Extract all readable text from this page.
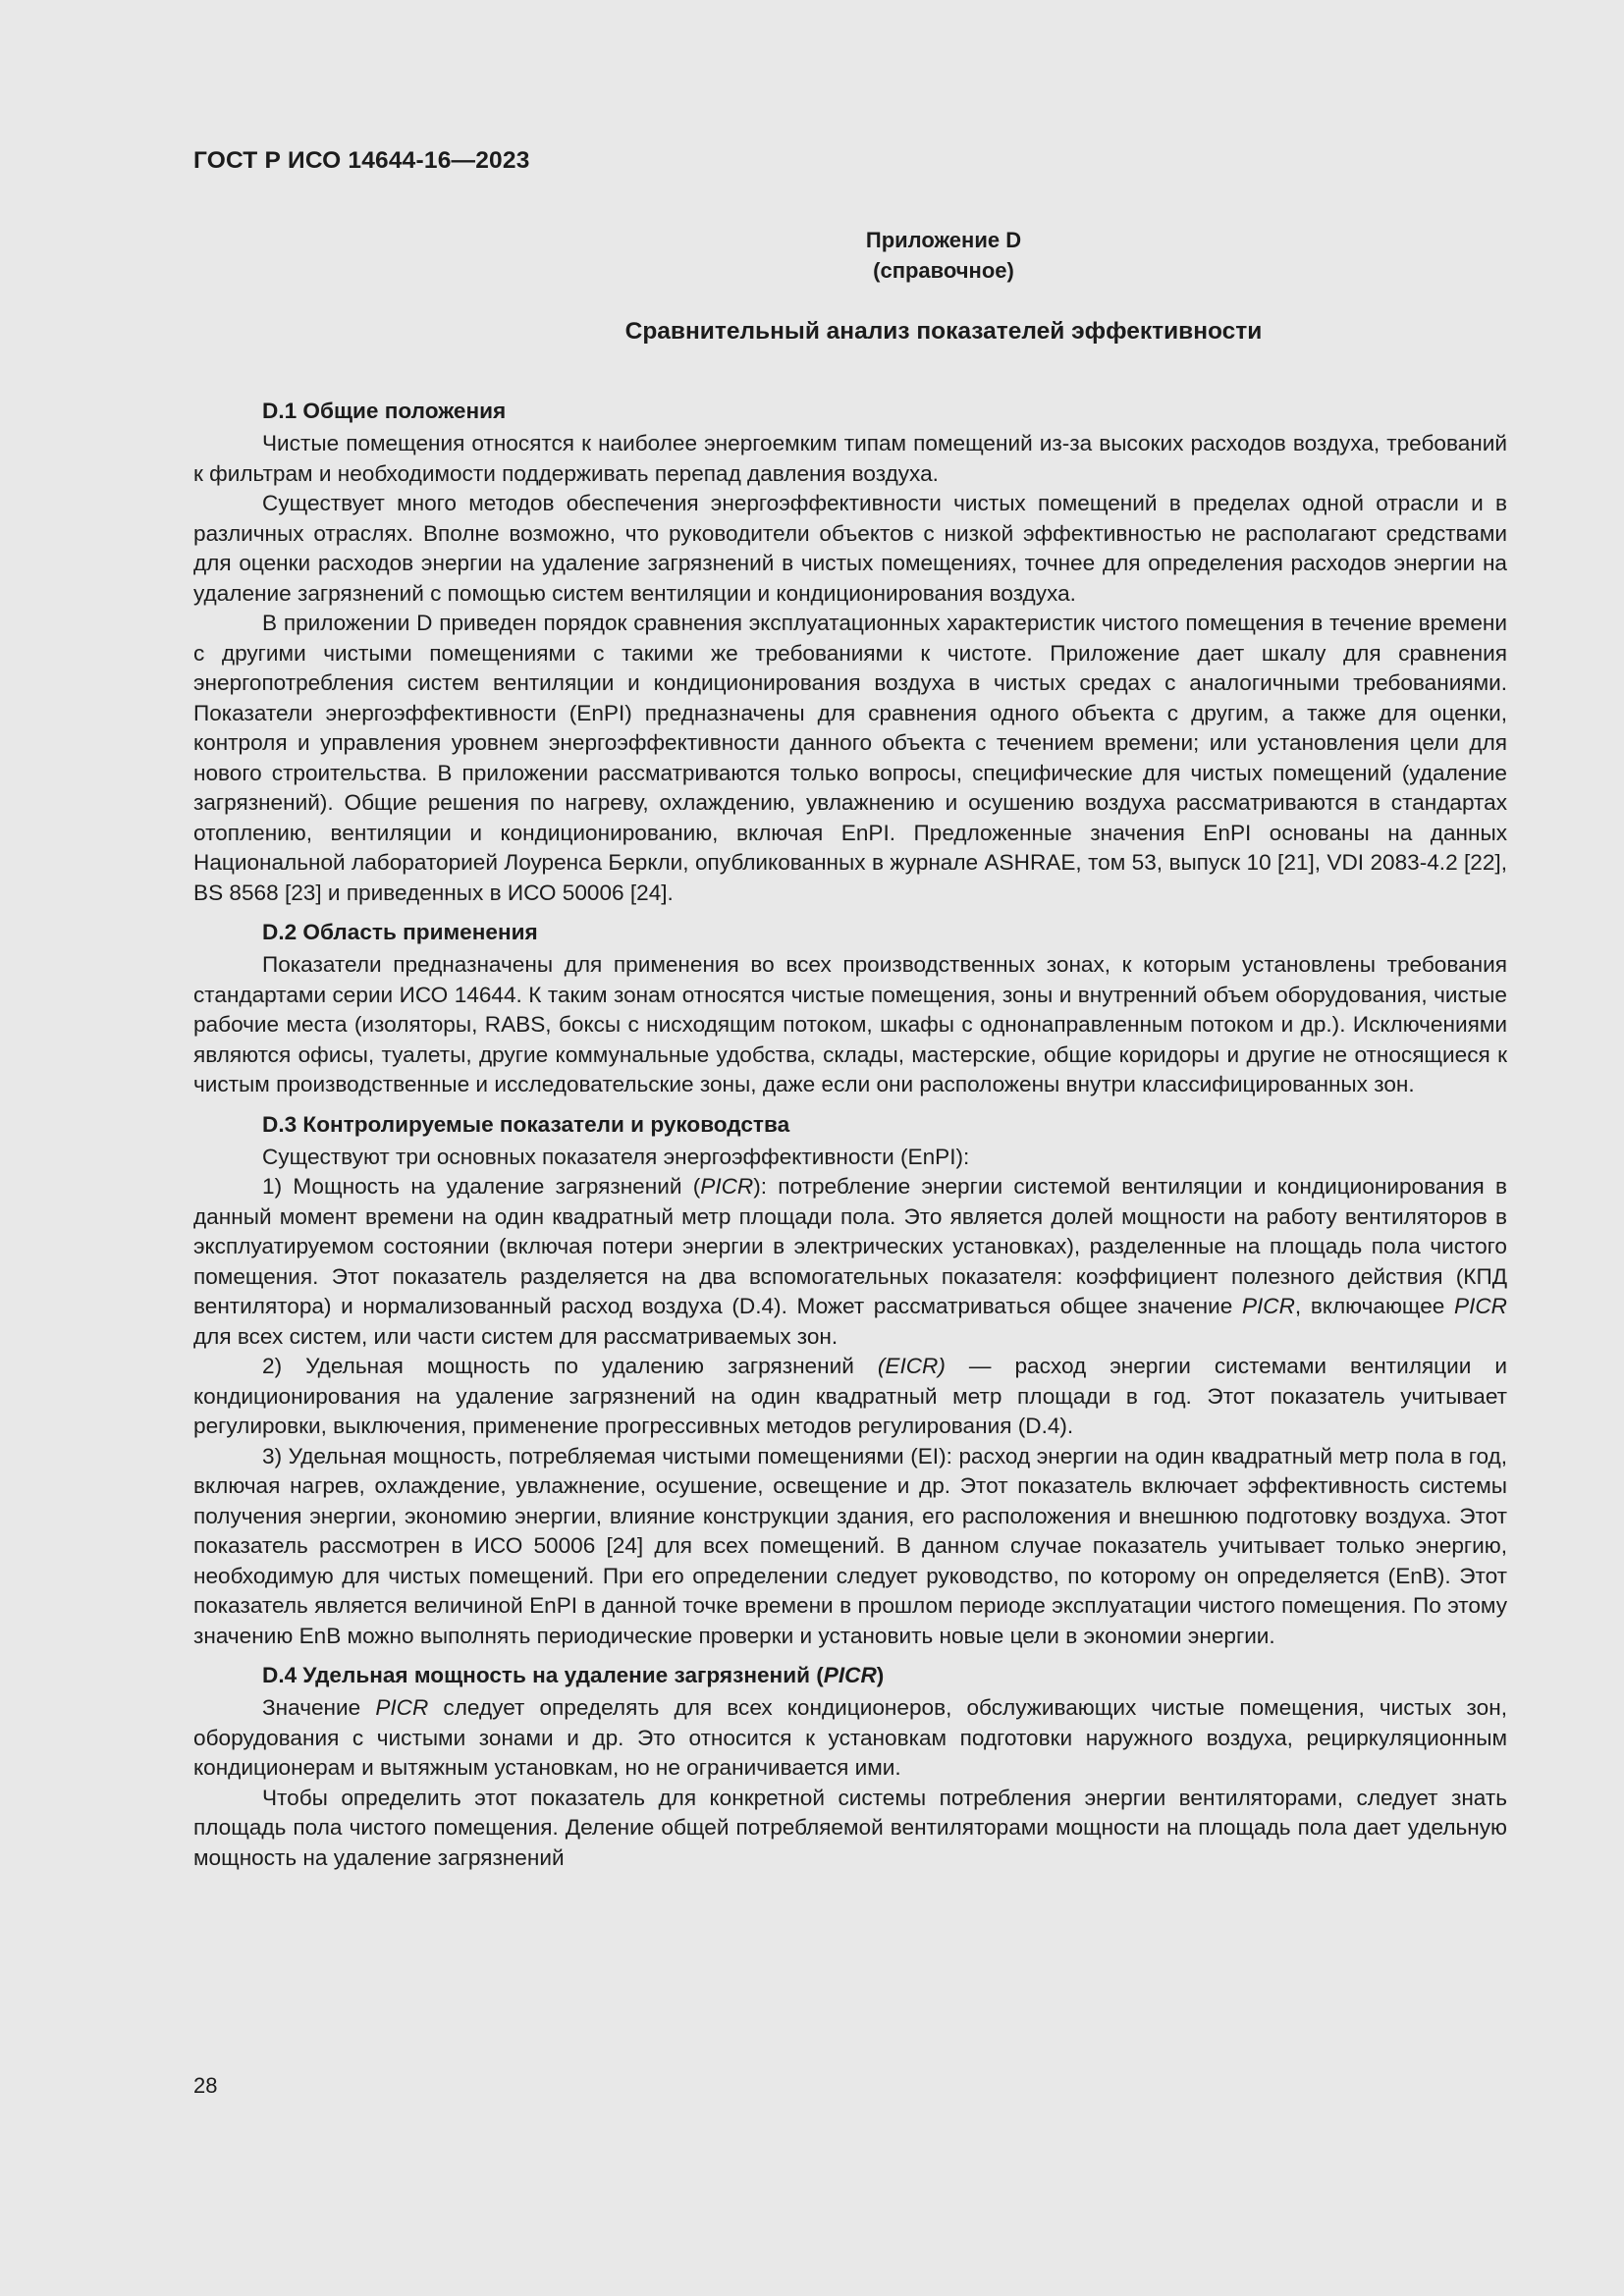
ГОСТ Р ИСО 14644-16—2023
Приложение D
(справочное)
Сравнительный анализ показателей эффективности
D.1 Общие положения

Чистые помещения относятся к наиболее энергоемким типам помещений из-за высоких расходов воздуха, требований к фильтрам и необходимости поддерживать перепад давления воздуха.

Существует много методов обеспечения энергоэффективности чистых помещений в пределах одной отрасли и в различных отраслях. Вполне возможно, что руководители объектов с низкой эффективностью не располагают средствами для оценки расходов энергии на удаление загрязнений в чистых помещениях, точнее для определения расходов энергии на удаление загрязнений с помощью систем вентиляции и кондиционирования воздуха.

В приложении D приведен порядок сравнения эксплуатационных характеристик чистого помещения в течение времени с другими чистыми помещениями с такими же требованиями к чистоте. Приложение дает шкалу для сравнения энергопотребления систем вентиляции и кондиционирования воздуха в чистых средах с аналогичными требованиями. Показатели энергоэффективности (EnPI) предназначены для сравнения одного объекта с другим, а также для оценки, контроля и управления уровнем энергоэффективности данного объекта с течением времени; или установления цели для нового строительства. В приложении рассматриваются только вопросы, специфические для чистых помещений (удаление загрязнений). Общие решения по нагреву, охлаждению, увлажнению и осушению воздуха рассматриваются в стандартах отоплению, вентиляции и кондиционированию, включая EnPI. Предложенные значения EnPI основаны на данных Национальной лабораторией Лоуренса Беркли, опубликованных в журнале ASHRAE, том 53, выпуск 10 [21], VDI 2083-4.2 [22], BS 8568 [23] и приведенных в ИСО 50006 [24].

D.2 Область применения

Показатели предназначены для применения во всех производственных зонах, к которым установлены требования стандартами серии ИСО 14644. К таким зонам относятся чистые помещения, зоны и внутренний объем оборудования, чистые рабочие места (изоляторы, RABS, боксы с нисходящим потоком, шкафы с однонаправленным потоком и др.). Исключениями являются офисы, туалеты, другие коммунальные удобства, склады, мастерские, общие коридоры и другие не относящиеся к чистым производственные и исследовательские зоны, даже если они расположены внутри классифицированных зон.

D.3 Контролируемые показатели и руководства

Существуют три основных показателя энергоэффективности (EnPI):

1) Мощность на удаление загрязнений (PICR): потребление энергии системой вентиляции и кондиционирования в данный момент времени на один квадратный метр площади пола. Это является долей мощности на работу вентиляторов в эксплуатируемом состоянии (включая потери энергии в электрических установках), разделенные на площадь пола чистого помещения. Этот показатель разделяется на два вспомогательных показателя: коэффициент полезного действия (КПД вентилятора) и нормализованный расход воздуха (D.4). Может рассматриваться общее значение PICR, включающее PICR для всех систем, или части систем для рассматриваемых зон.

2) Удельная мощность по удалению загрязнений (EICR) — расход энергии системами вентиляции и кондиционирования на удаление загрязнений на один квадратный метр площади в год. Этот показатель учитывает регулировки, выключения, применение прогрессивных методов регулирования (D.4).

3) Удельная мощность, потребляемая чистыми помещениями (EI): расход энергии на один квадратный метр пола в год, включая нагрев, охлаждение, увлажнение, осушение, освещение и др. Этот показатель включает эффективность системы получения энергии, экономию энергии, влияние конструкции здания, его расположения и внешнюю подготовку воздуха. Этот показатель рассмотрен в ИСО 50006 [24] для всех помещений. В данном случае показатель учитывает только энергию, необходимую для чистых помещений. При его определении следует руководство, по которому он определяется (EnB). Этот показатель является величиной EnPI в данной точке времени в прошлом периоде эксплуатации чистого помещения. По этому значению EnB можно выполнять периодические проверки и установить новые цели в экономии энергии.

D.4 Удельная мощность на удаление загрязнений (PICR)

Значение PICR следует определять для всех кондиционеров, обслуживающих чистые помещения, чистых зон, оборудования с чистыми зонами и др. Это относится к установкам подготовки наружного воздуха, рециркуляционным кондиционерам и вытяжным установкам, но не ограничивается ими.

Чтобы определить этот показатель для конкретной системы потребления энергии вентиляторами, следует знать площадь пола чистого помещения. Деление общей потребляемой вентиляторами мощности на площадь пола дает удельную мощность на удаление загрязнений

28
